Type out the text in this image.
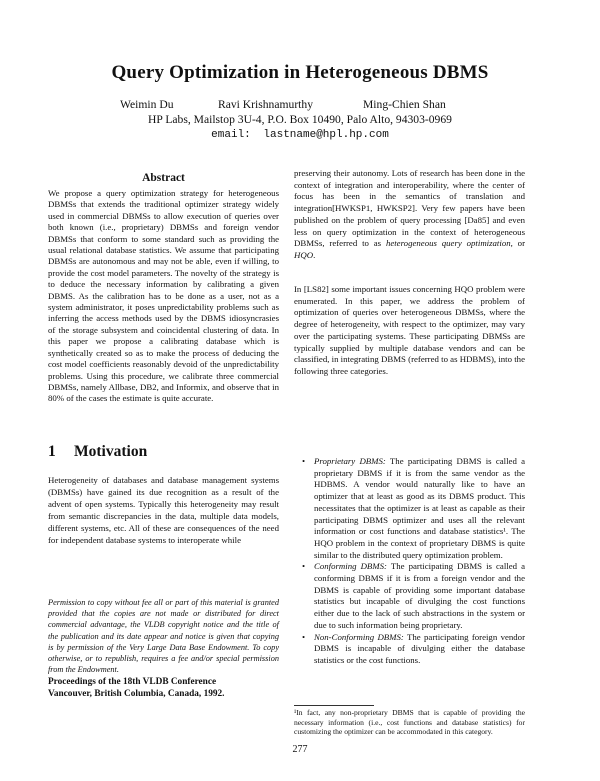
Query Optimization in Heterogeneous DBMS
Weimin Du	Ravi Krishnamurthy	Ming-Chien Shan
HP Labs, Mailstop 3U-4, P.O. Box 10490, Palo Alto, 94303-0969
email: lastname@hpl.hp.com
Abstract
We propose a query optimization strategy for heterogeneous DBMSs that extends the traditional optimizer strategy widely used in commercial DBMSs to allow execution of queries over both known (i.e., proprietary) DBMSs and foreign vendor DBMSs that conform to some standard such as providing the usual relational database statistics. We assume that participating DBMSs are autonomous and may not be able, even if willing, to provide the cost model parameters. The novelty of the strategy is to deduce the necessary information by calibrating a given DBMS. As the calibration has to be done as a user, not as a system administrator, it poses unpredictability problems such as inferring the access methods used by the DBMS idiosyncrasies of the storage subsystem and coincidental clustering of data. In this paper we propose a calibrating database which is synthetically created so as to make the process of deducing the cost model coefficients reasonably devoid of the unpredictability problems. Using this procedure, we calibrate three commercial DBMSs, namely Allbase, DB2, and Informix, and observe that in 80% of the cases the estimate is quite accurate.
1 Motivation
Heterogeneity of databases and database management systems (DBMSs) have gained its due recognition as a result of the advent of open systems. Typically this heterogeneity may result from semantic discrepancies in the data, multiple data models, different systems, etc. All of these are consequences of the need for independent database systems to interoperate while
Permission to copy without fee all or part of this material is granted provided that the copies are not made or distributed for direct commercial advantage, the VLDB copyright notice and the title of the publication and its date appear and notice is given that copying is by permission of the Very Large Data Base Endowment. To copy otherwise, or to republish, requires a fee and/or special permission from the Endowment.
Proceedings of the 18th VLDB Conference
Vancouver, British Columbia, Canada, 1992.
preserving their autonomy. Lots of research has been done in the context of integration and interoperability, where the center of focus has been in the semantics of translation and integration[HWKSP1, HWKSP2]. Very few papers have been published on the problem of query processing [Da85] and even less on query optimization in the context of heterogeneous DBMSs, referred to as heterogeneous query optimization, or HQO.
In [LS82] some important issues concerning HQO problem were enumerated. In this paper, we address the problem of optimization of queries over heterogeneous DBMSs, where the degree of heterogeneity, with respect to the optimizer, may vary over the participating systems. These participating DBMSs are typically supplied by multiple database vendors and can be classified, in integrating DBMS (referred to as HDBMS), into the following three categories.
• Proprietary DBMS: The participating DBMS is called a proprietary DBMS if it is from the same vendor as the HDBMS. A vendor would naturally like to have an optimizer that at least as good as its DBMS product. This necessitates that the optimizer is at least as capable as their participating DBMS optimizer and uses all the relevant information or cost functions and database statistics¹. The HQO problem in the context of proprietary DBMS is quite similar to the distributed query optimization problem.
• Conforming DBMS: The participating DBMS is called a conforming DBMS if it is from a foreign vendor and the DBMS is capable of providing some important database statistics but incapable of divulging the cost functions either due to the lack of such abstractions in the system or due to such information being proprietary.
• Non-Conforming DBMS: The participating foreign vendor DBMS is incapable of divulging either the database statistics or the cost functions.
¹In fact, any non-proprietary DBMS that is capable of providing the necessary information (i.e., cost functions and database statistics) for customizing the optimizer can be accommodated in this category.
277
